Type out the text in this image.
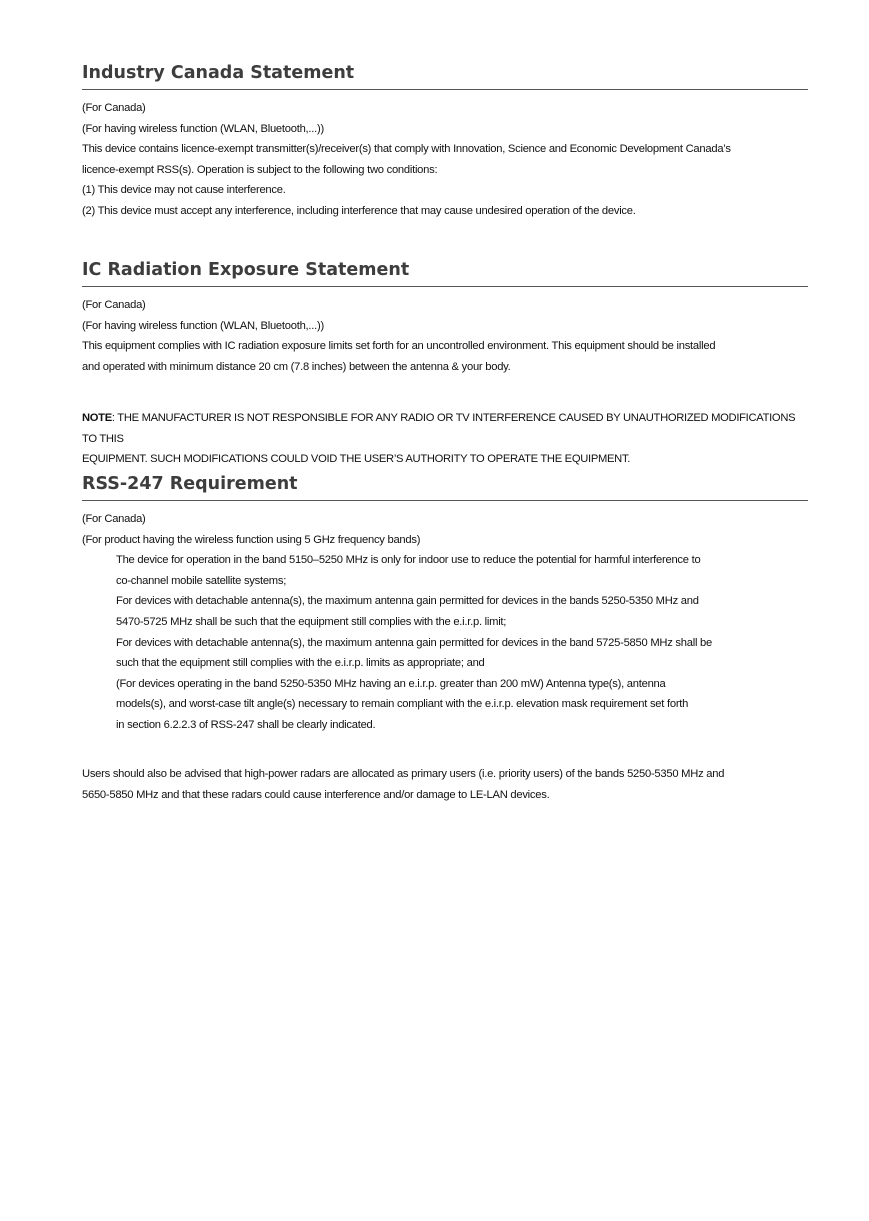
Industry Canada Statement

(For Canada)

(For having wireless function (WLAN, Bluetooth,...))

This device contains licence-exempt transmitter(s)/receiver(s) that comply with Innovation, Science and Economic Development Canada’s

licence-exempt RSS(s). Operation is subject to the following two conditions:

(1) This device may not cause interference.

(2) This device must accept any interference, including interference that may cause undesired operation of the device.

IC Radiation Exposure Statement

(For Canada)

(For having wireless function (WLAN, Bluetooth,...))

This equipment complies with IC radiation exposure limits set forth for an uncontrolled environment. This equipment should be installed

and operated with minimum distance 20 cm (7.8 inches) between the antenna & your body.

NOTE: THE MANUFACTURER IS NOT RESPONSIBLE FOR ANY RADIO OR TV INTERFERENCE CAUSED BY UNAUTHORIZED MODIFICATIONS TO THIS
EQUIPMENT. SUCH MODIFICATIONS COULD VOID THE USER’S AUTHORITY TO OPERATE THE EQUIPMENT.
RSS-247 Requirement

(For Canada)

(For product having the wireless function using 5 GHz frequency bands)

The device for operation in the band 5150–5250 MHz is only for indoor use to reduce the potential for harmful interference to

co-channel mobile satellite systems;

For devices with detachable antenna(s), the maximum antenna gain permitted for devices in the bands 5250-5350 MHz and

5470-5725 MHz shall be such that the equipment still complies with the e.i.r.p. limit;

For devices with detachable antenna(s), the maximum antenna gain permitted for devices in the band 5725-5850 MHz shall be

such that the equipment still complies with the e.i.r.p. limits as appropriate; and

(For devices operating in the band 5250-5350 MHz having an e.i.r.p. greater than 200 mW) Antenna type(s), antenna

models(s), and worst-case tilt angle(s) necessary to remain compliant with the e.i.r.p. elevation mask requirement set forth

in section 6.2.2.3 of RSS-247 shall be clearly indicated.

Users should also be advised that high-power radars are allocated as primary users (i.e. priority users) of the bands 5250-5350 MHz and

5650-5850 MHz and that these radars could cause interference and/or damage to LE-LAN devices.
